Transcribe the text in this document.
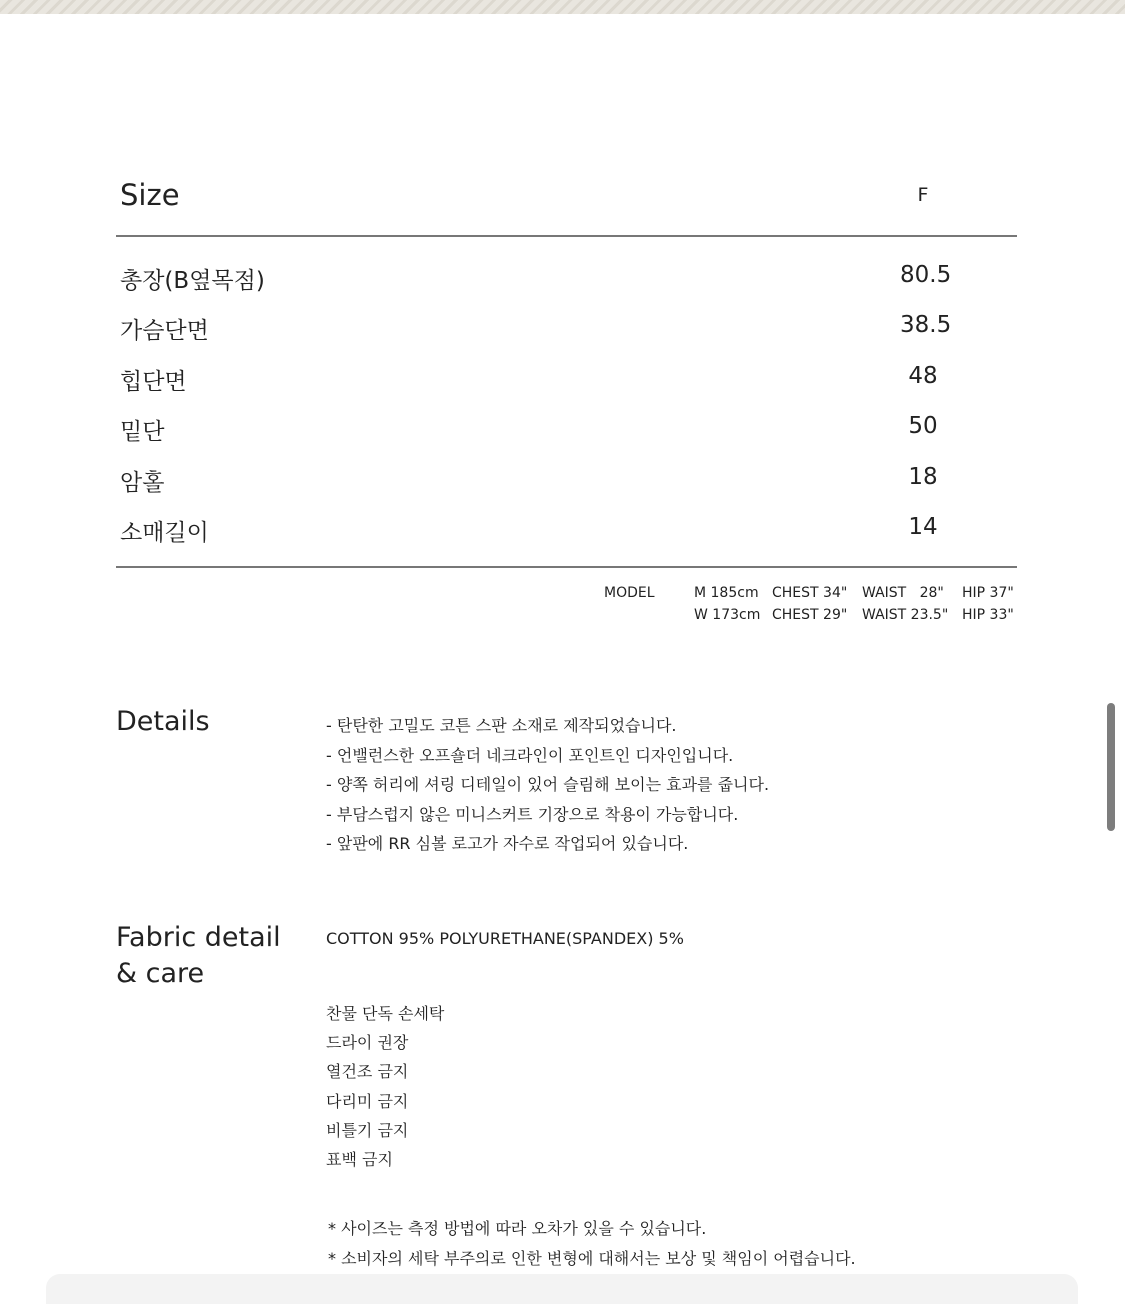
Size	F
총장(B옆목점)	80.5
가슴단면	38.5
힙단면	48
밑단	50
암홀	18
소매길이	14
MODEL	M 185cm CHEST 34" WAIST   28" HIP 37"
W 173cm CHEST 29" WAIST 23.5" HIP 33"
Details	- 탄탄한 고밀도 코튼 스판 소재로 제작되었습니다.
- 언밸런스한 오프숄더 네크라인이 포인트인 디자인입니다.
- 양쪽 허리에 셔링 디테일이 있어 슬림해 보이는 효과를 줍니다.
- 부담스럽지 않은 미니스커트 기장으로 착용이 가능합니다.
- 앞판에 RR 심볼 로고가 자수로 작업되어 있습니다.
Fabric detail
& care
COTTON 95% POLYURETHANE(SPANDEX) 5%
찬물 단독 손세탁
드라이 권장
열건조 금지
다리미 금지
비틀기 금지
표백 금지
* 사이즈는 측정 방법에 따라 오차가 있을 수 있습니다.
* 소비자의 세탁 부주의로 인한 변형에 대해서는 보상 및 책임이 어렵습니다.
